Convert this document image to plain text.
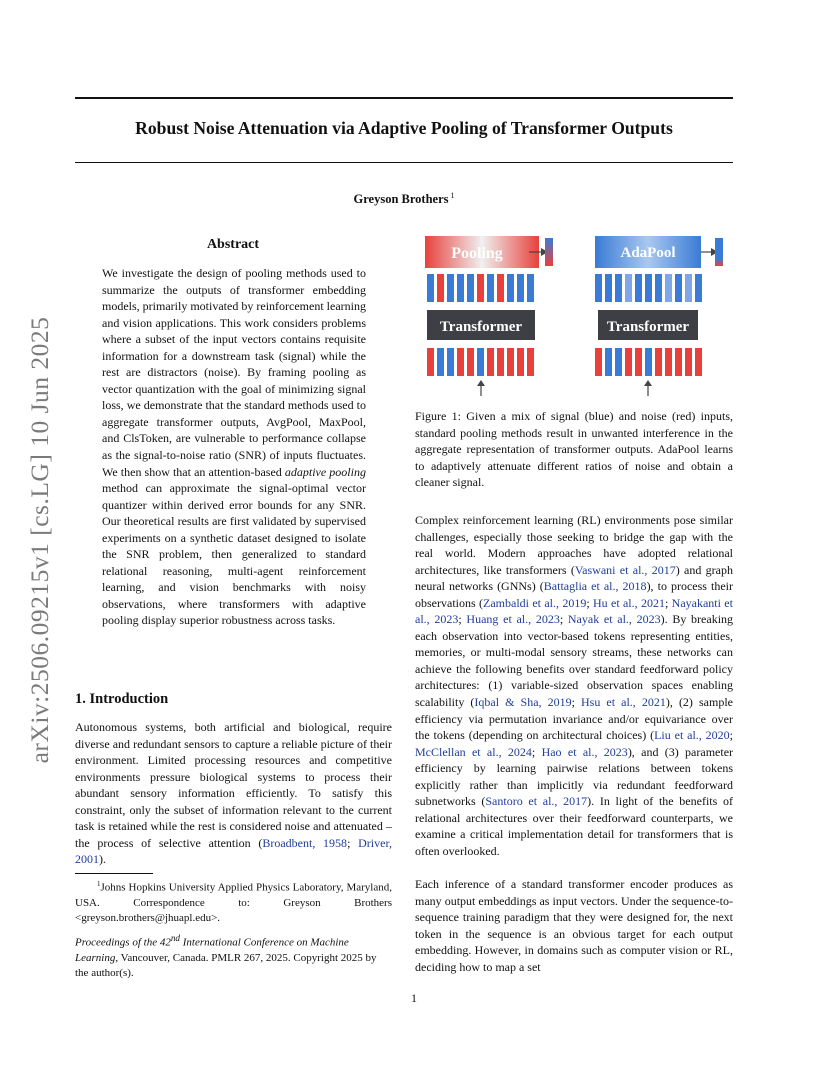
Robust Noise Attenuation via Adaptive Pooling of Transformer Outputs
Greyson Brothers $^1$
arXiv:2506.09215v1 [cs.LG] 10 Jun 2025
Abstract
We investigate the design of pooling methods used to summarize the outputs of transformer embedding models, primarily motivated by reinforcement learning and vision applications. This work considers problems where a subset of the input vectors contains requisite information for a downstream task (signal) while the rest are distractors (noise). By framing pooling as vector quantization with the goal of minimizing signal loss, we demonstrate that the standard methods used to aggregate transformer outputs, AvgPool, MaxPool, and ClsToken, are vulnerable to performance collapse as the signal-to-noise ratio (SNR) of inputs fluctuates. We then show that an attention-based adaptive pooling method can approximate the signal-optimal vector quantizer within derived error bounds for any SNR. Our theoretical results are first validated by supervised experiments on a synthetic dataset designed to isolate the SNR problem, then generalized to standard relational reasoning, multi-agent reinforcement learning, and vision benchmarks with noisy observations, where transformers with adaptive pooling display superior robustness across tasks.
1. Introduction
Autonomous systems, both artificial and biological, require diverse and redundant sensors to capture a reliable picture of their environment. Limited processing resources and competitive environments pressure biological systems to process their abundant sensory information efficiently. To satisfy this constraint, only the subset of information relevant to the current task is retained while the rest is considered noise and attenuated – the process of selective attention (Broadbent, 1958; Driver, 2001).
$^1$Johns Hopkins University Applied Physics Laboratory, Maryland, USA. Correspondence to: Greyson Brothers <greyson.brothers@jhuapl.edu>.
Proceedings of the 42nd International Conference on Machine Learning, Vancouver, Canada. PMLR 267, 2025. Copyright 2025 by the author(s).
Pooling
Transformer
AdaPool
Transformer
Figure 1: Given a mix of signal (blue) and noise (red) inputs, standard pooling methods result in unwanted interference in the aggregate representation of transformer outputs. AdaPool learns to adaptively attenuate different ratios of noise and obtain a cleaner signal.
Complex reinforcement learning (RL) environments pose similar challenges, especially those seeking to bridge the gap with the real world. Modern approaches have adopted relational architectures, like transformers (Vaswani et al., 2017) and graph neural networks (GNNs) (Battaglia et al., 2018), to process their observations (Zambaldi et al., 2019; Hu et al., 2021; Nayakanti et al., 2023; Huang et al., 2023; Nayak et al., 2023). By breaking each observation into vector-based tokens representing entities, memories, or multi-modal sensory streams, these networks can achieve the following benefits over standard feedforward policy architectures: (1) variable-sized observation spaces enabling scalability (Iqbal & Sha, 2019; Hsu et al., 2021), (2) sample efficiency via permutation invariance and/or equivariance over the tokens (depending on architectural choices) (Liu et al., 2020; McClellan et al., 2024; Hao et al., 2023), and (3) parameter efficiency by learning pairwise relations between tokens explicitly rather than implicitly via redundant feedforward subnetworks (Santoro et al., 2017). In light of the benefits of relational architectures over their feedforward counterparts, we examine a critical implementation detail for transformers that is often overlooked.
Each inference of a standard transformer encoder produces as many output embeddings as input vectors. Under the sequence-to-sequence training paradigm that they were designed for, the next token in the sequence is an obvious target for each output embedding. However, in domains such as computer vision or RL, deciding how to map a set
1
